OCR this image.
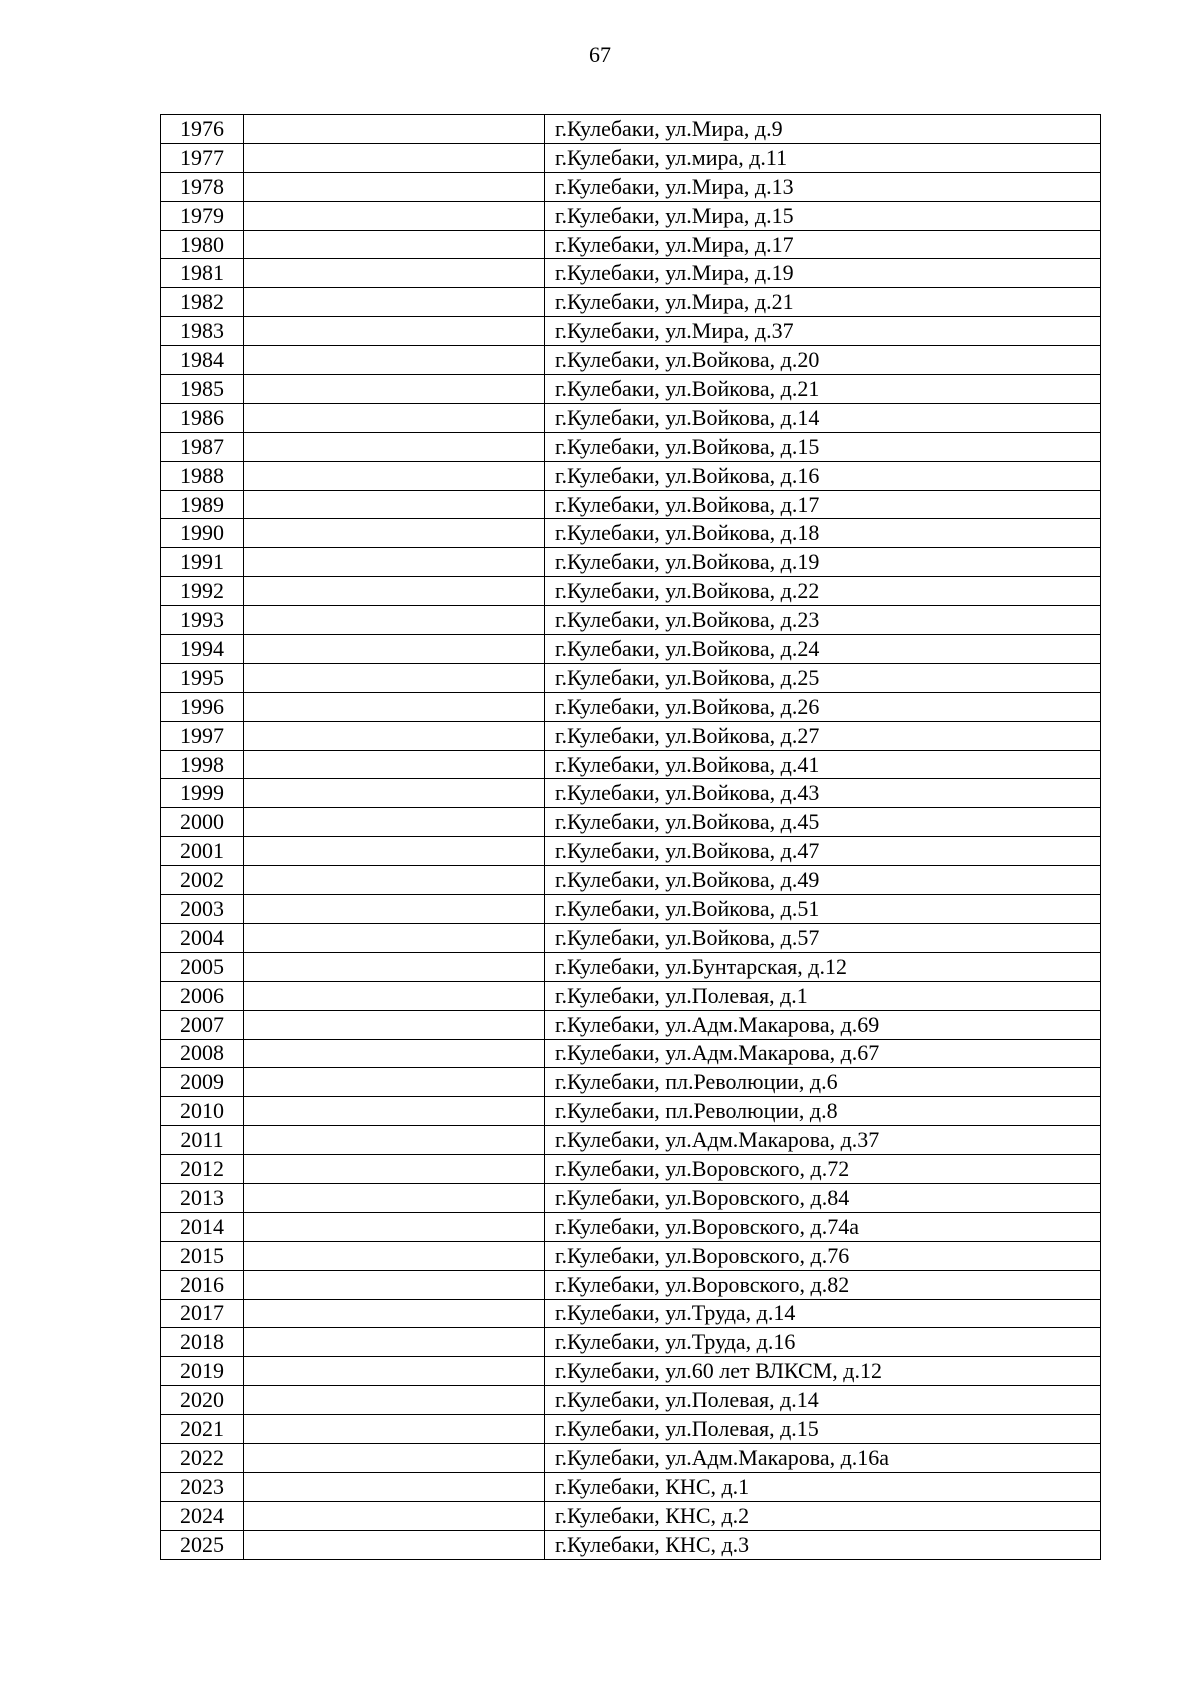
67
1976		г.Кулебаки, ул.Мира, д.9
1977		г.Кулебаки, ул.мира, д.11
1978		г.Кулебаки, ул.Мира, д.13
1979		г.Кулебаки, ул.Мира, д.15
1980		г.Кулебаки, ул.Мира, д.17
1981		г.Кулебаки, ул.Мира, д.19
1982		г.Кулебаки, ул.Мира, д.21
1983		г.Кулебаки, ул.Мира, д.37
1984		г.Кулебаки, ул.Войкова, д.20
1985		г.Кулебаки, ул.Войкова, д.21
1986		г.Кулебаки, ул.Войкова, д.14
1987		г.Кулебаки, ул.Войкова, д.15
1988		г.Кулебаки, ул.Войкова, д.16
1989		г.Кулебаки, ул.Войкова, д.17
1990		г.Кулебаки, ул.Войкова, д.18
1991		г.Кулебаки, ул.Войкова, д.19
1992		г.Кулебаки, ул.Войкова, д.22
1993		г.Кулебаки, ул.Войкова, д.23
1994		г.Кулебаки, ул.Войкова, д.24
1995		г.Кулебаки, ул.Войкова, д.25
1996		г.Кулебаки, ул.Войкова, д.26
1997		г.Кулебаки, ул.Войкова, д.27
1998		г.Кулебаки, ул.Войкова, д.41
1999		г.Кулебаки, ул.Войкова, д.43
2000		г.Кулебаки, ул.Войкова, д.45
2001		г.Кулебаки, ул.Войкова, д.47
2002		г.Кулебаки, ул.Войкова, д.49
2003		г.Кулебаки, ул.Войкова, д.51
2004		г.Кулебаки, ул.Войкова, д.57
2005		г.Кулебаки, ул.Бунтарская, д.12
2006		г.Кулебаки, ул.Полевая, д.1
2007		г.Кулебаки, ул.Адм.Макарова, д.69
2008		г.Кулебаки, ул.Адм.Макарова, д.67
2009		г.Кулебаки, пл.Революции, д.6
2010		г.Кулебаки, пл.Революции, д.8
2011		г.Кулебаки, ул.Адм.Макарова, д.37
2012		г.Кулебаки, ул.Воровского, д.72
2013		г.Кулебаки, ул.Воровского, д.84
2014		г.Кулебаки, ул.Воровского, д.74а
2015		г.Кулебаки, ул.Воровского, д.76
2016		г.Кулебаки, ул.Воровского, д.82
2017		г.Кулебаки, ул.Труда, д.14
2018		г.Кулебаки, ул.Труда, д.16
2019		г.Кулебаки, ул.60 лет ВЛКСМ, д.12
2020		г.Кулебаки, ул.Полевая, д.14
2021		г.Кулебаки, ул.Полевая, д.15
2022		г.Кулебаки, ул.Адм.Макарова, д.16а
2023		г.Кулебаки, КНС, д.1
2024		г.Кулебаки, КНС, д.2
2025		г.Кулебаки, КНС, д.3
